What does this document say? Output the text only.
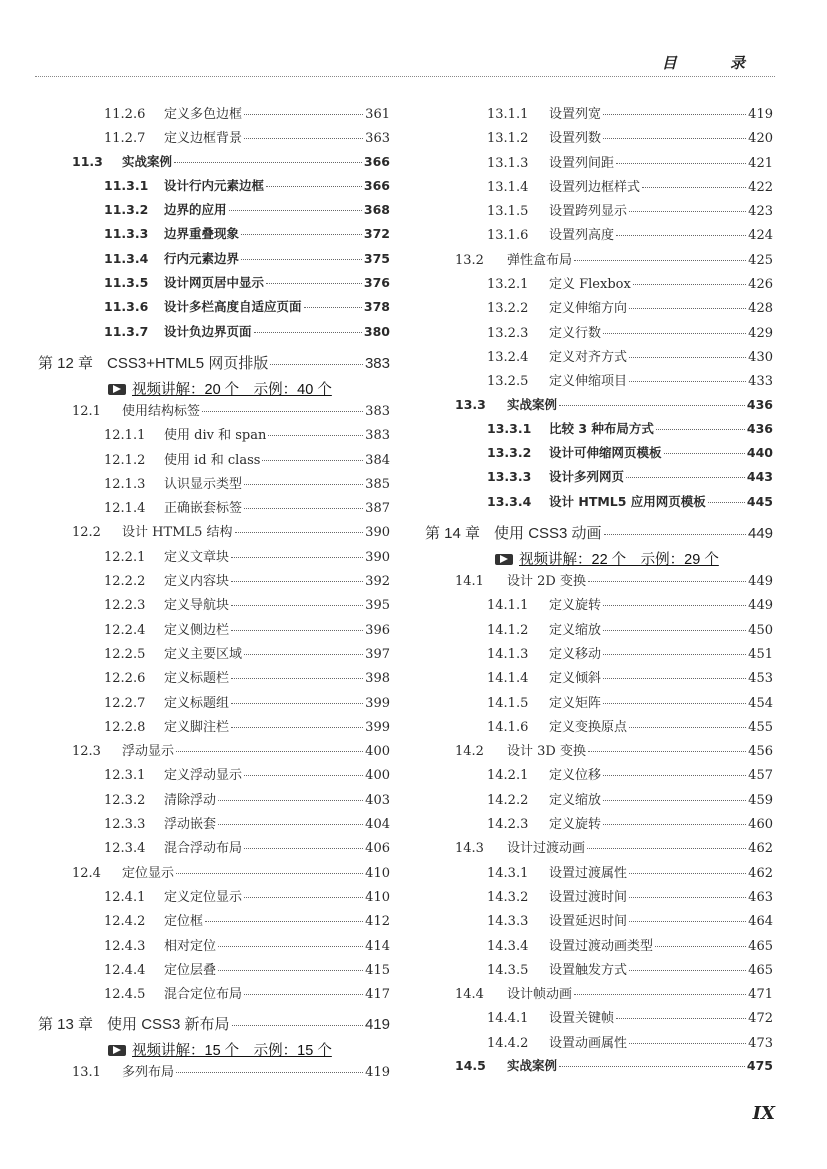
目 录
11.2.6	定义多色边框	361
11.2.7	定义边框背景	363
11.3	实战案例	366
11.3.1	设计行内元素边框	366
11.3.2	边界的应用	368
11.3.3	边界重叠现象	372
11.3.4	行内元素边界	375
11.3.5	设计网页居中显示	376
11.3.6	设计多栏高度自适应页面	378
11.3.7	设计负边界页面	380
第 12 章 CSS3+HTML5 网页排版	383
视频讲解：20 个　示例：40 个
12.1	使用结构标签	383
12.1.1	使用 div 和 span	383
12.1.2	使用 id 和 class	384
12.1.3	认识显示类型	385
12.1.4	正确嵌套标签	387
12.2	设计 HTML5 结构	390
12.2.1	定义文章块	390
12.2.2	定义内容块	392
12.2.3	定义导航块	395
12.2.4	定义侧边栏	396
12.2.5	定义主要区域	397
12.2.6	定义标题栏	398
12.2.7	定义标题组	399
12.2.8	定义脚注栏	399
12.3	浮动显示	400
12.3.1	定义浮动显示	400
12.3.2	清除浮动	403
12.3.3	浮动嵌套	404
12.3.4	混合浮动布局	406
12.4	定位显示	410
12.4.1	定义定位显示	410
12.4.2	定位框	412
12.4.3	相对定位	414
12.4.4	定位层叠	415
12.4.5	混合定位布局	417
第 13 章 使用 CSS3 新布局	419
视频讲解：15 个　示例：15 个
13.1	多列布局	419
13.1.1	设置列宽	419
13.1.2	设置列数	420
13.1.3	设置列间距	421
13.1.4	设置列边框样式	422
13.1.5	设置跨列显示	423
13.1.6	设置列高度	424
13.2	弹性盒布局	425
13.2.1	定义 Flexbox	426
13.2.2	定义伸缩方向	428
13.2.3	定义行数	429
13.2.4	定义对齐方式	430
13.2.5	定义伸缩项目	433
13.3	实战案例	436
13.3.1	比较 3 种布局方式	436
13.3.2	设计可伸缩网页模板	440
13.3.3	设计多列网页	443
13.3.4	设计 HTML5 应用网页模板	445
第 14 章 使用 CSS3 动画	449
视频讲解：22 个　示例：29 个
14.1	设计 2D 变换	449
14.1.1	定义旋转	449
14.1.2	定义缩放	450
14.1.3	定义移动	451
14.1.4	定义倾斜	453
14.1.5	定义矩阵	454
14.1.6	定义变换原点	455
14.2	设计 3D 变换	456
14.2.1	定义位移	457
14.2.2	定义缩放	459
14.2.3	定义旋转	460
14.3	设计过渡动画	462
14.3.1	设置过渡属性	462
14.3.2	设置过渡时间	463
14.3.3	设置延迟时间	464
14.3.4	设置过渡动画类型	465
14.3.5	设置触发方式	465
14.4	设计帧动画	471
14.4.1	设置关键帧	472
14.4.2	设置动画属性	473
14.5	实战案例	475
IX
